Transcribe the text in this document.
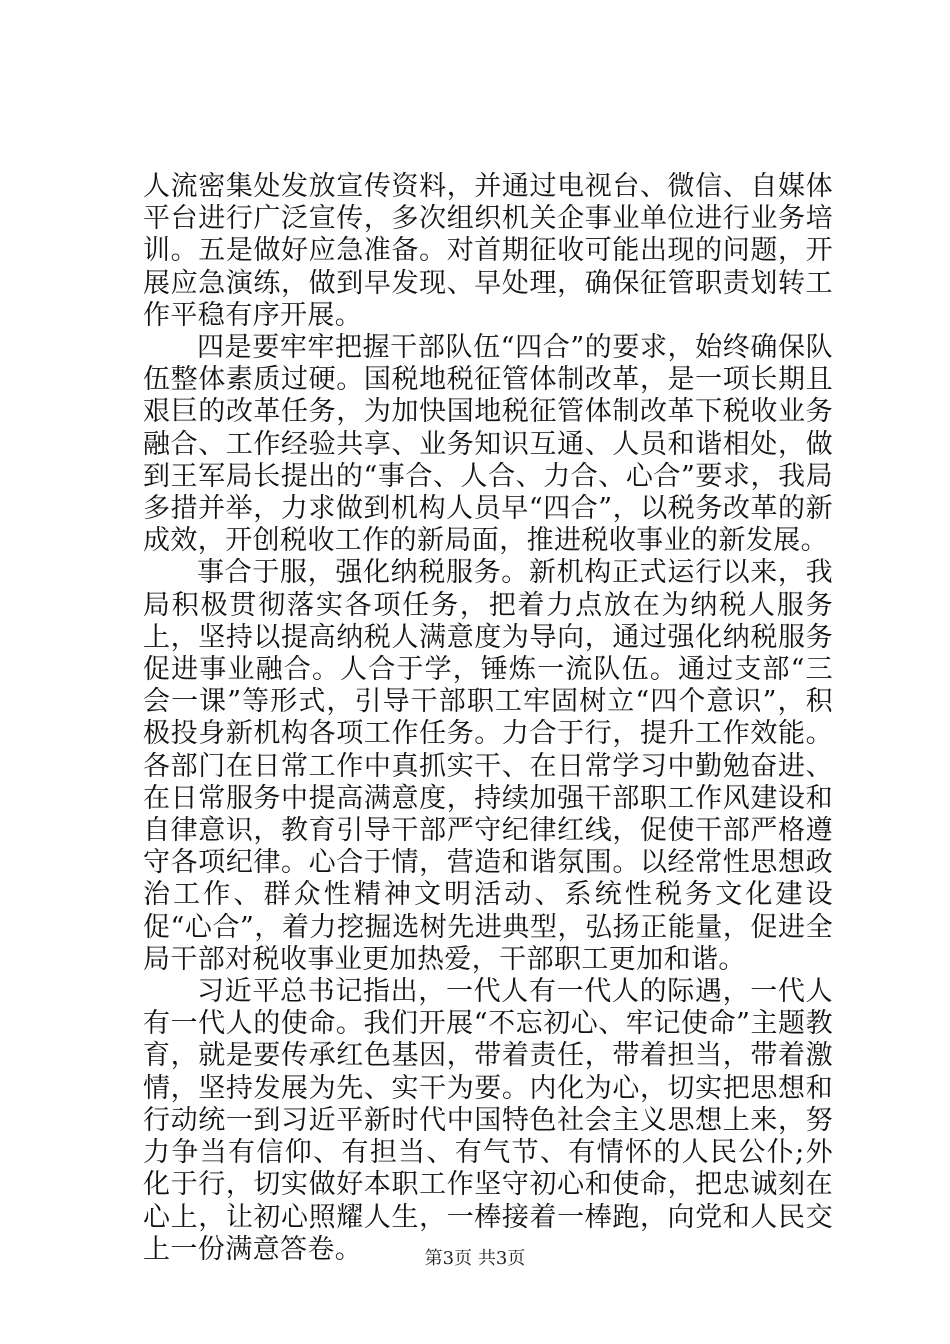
人流密集处发放宣传资料，并通过电视台、微信、自媒体平台进行广泛宣传，多次组织机关企事业单位进行业务培训。五是做好应急准备。对首期征收可能出现的问题，开展应急演练，做到早发现、早处理，确保征管职责划转工作平稳有序开展。

四是要牢牢把握干部队伍“四合”的要求，始终确保队伍整体素质过硬。国税地税征管体制改革，是一项长期且艰巨的改革任务，为加快国地税征管体制改革下税收业务融合、工作经验共享、业务知识互通、人员和谐相处，做到王军局长提出的“事合、人合、力合、心合”要求，我局多措并举，力求做到机构人员早“四合”，以税务改革的新成效，开创税收工作的新局面，推进税收事业的新发展。

事合于服，强化纳税服务。新机构正式运行以来，我局积极贯彻落实各项任务，把着力点放在为纳税人服务上，坚持以提高纳税人满意度为导向，通过强化纳税服务促进事业融合。人合于学，锤炼一流队伍。通过支部“三会一课”等形式，引导干部职工牢固树立“四个意识”，积极投身新机构各项工作任务。力合于行，提升工作效能。各部门在日常工作中真抓实干、在日常学习中勤勉奋进、在日常服务中提高满意度，持续加强干部职工作风建设和自律意识，教育引导干部严守纪律红线，促使干部严格遵守各项纪律。心合于情，营造和谐氛围。以经常性思想政治工作、群众性精神文明活动、系统性税务文化建设促“心合”，着力挖掘选树先进典型，弘扬正能量，促进全局干部对税收事业更加热爱，干部职工更加和谐。

习近平总书记指出，一代人有一代人的际遇，一代人有一代人的使命。我们开展“不忘初心、牢记使命”主题教育，就是要传承红色基因，带着责任，带着担当，带着激情，坚持发展为先、实干为要。内化为心，切实把思想和行动统一到习近平新时代中国特色社会主义思想上来，努力争当有信仰、有担当、有气节、有情怀的人民公仆;外化于行，切实做好本职工作坚守初心和使命，把忠诚刻在心上，让初心照耀人生，一棒接着一棒跑，向党和人民交上一份满意答卷。	第3页 共3页
